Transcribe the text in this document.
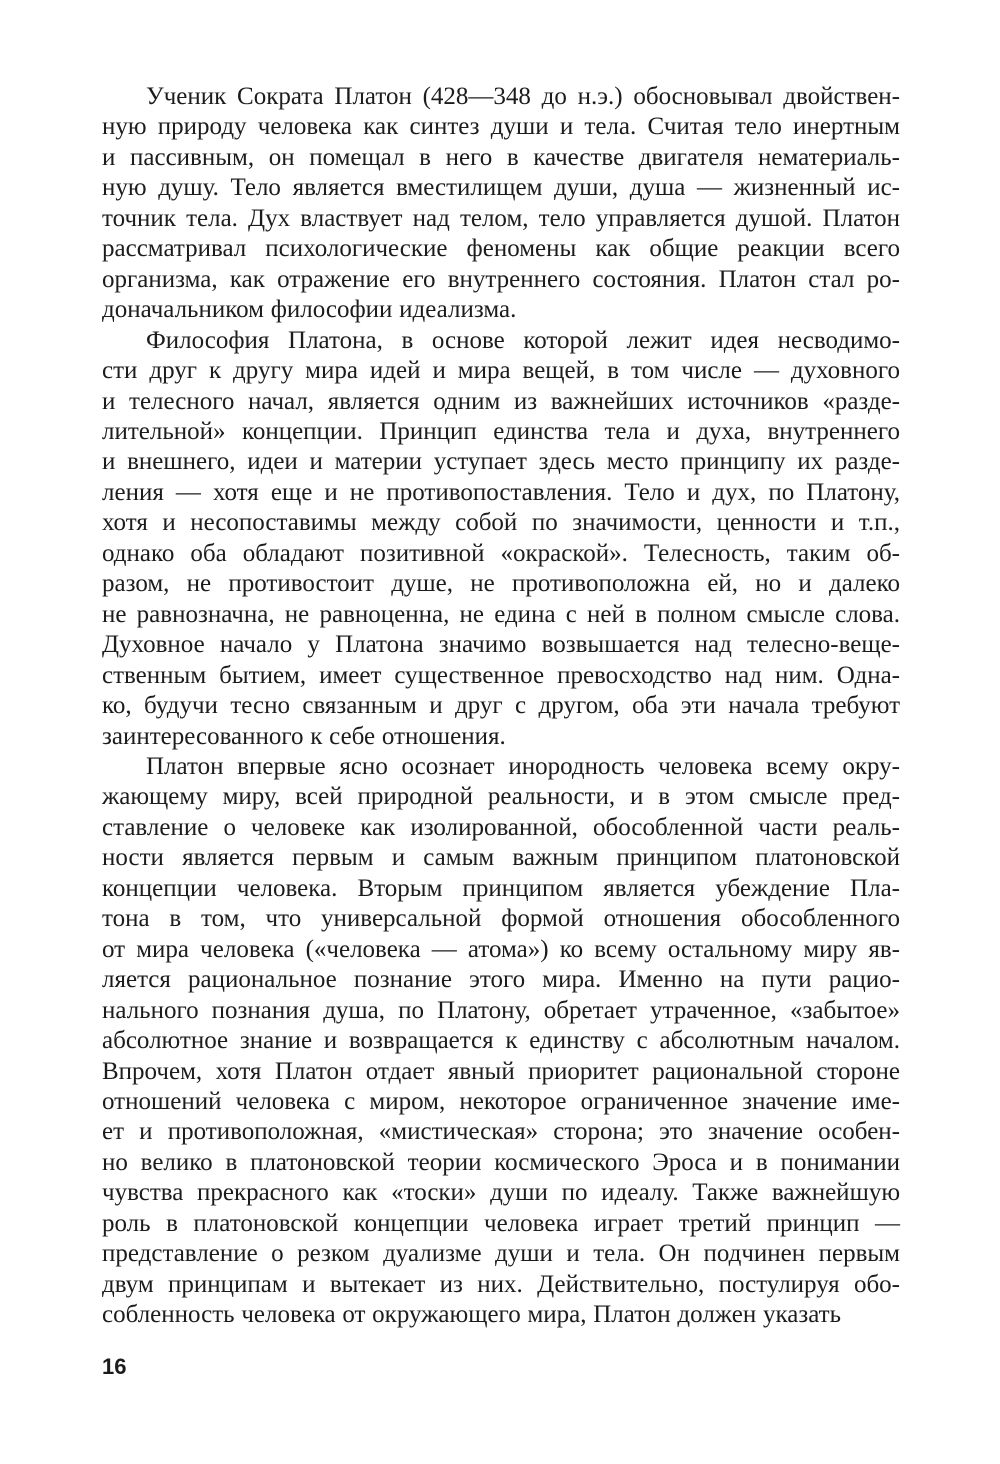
Ученик Сократа Платон (428—348 до н.э.) обосновывал двойствен-
ную природу человека как синтез души и тела. Считая тело инертным
и пассивным, он помещал в него в качестве двигателя нематериаль-
ную душу. Тело является вместилищем души, душа — жизненный ис-
точник тела. Дух властвует над телом, тело управляется душой. Платон
рассматривал психологические феномены как общие реакции всего
организма, как отражение его внутреннего состояния. Платон стал ро-
доначальником философии идеализма.

Философия Платона, в основе которой лежит идея несводимо-
сти друг к другу мира идей и мира вещей, в том числе — духовного
и телесного начал, является одним из важнейших источников «разде-
лительной» концепции. Принцип единства тела и духа, внутреннего
и внешнего, идеи и материи уступает здесь место принципу их разде-
ления — хотя еще и не противопоставления. Тело и дух, по Платону,
хотя и несопоставимы между собой по значимости, ценности и т.п.,
однако оба обладают позитивной «окраской». Телесность, таким об-
разом, не противостоит душе, не противоположна ей, но и далеко
не равнозначна, не равноценна, не едина с ней в полном смысле слова.
Духовное начало у Платона значимо возвышается над телесно-веще-
ственным бытием, имеет существенное превосходство над ним. Одна-
ко, будучи тесно связанным и друг с другом, оба эти начала требуют
заинтересованного к себе отношения.

Платон впервые ясно осознает инородность человека всему окру-
жающему миру, всей природной реальности, и в этом смысле пред-
ставление о человеке как изолированной, обособленной части реаль-
ности является первым и самым важным принципом платоновской
концепции человека. Вторым принципом является убеждение Пла-
тона в том, что универсальной формой отношения обособленного
от мира человека («человека — атома») ко всему остальному миру яв-
ляется рациональное познание этого мира. Именно на пути рацио-
нального познания душа, по Платону, обретает утраченное, «забытое»
абсолютное знание и возвращается к единству с абсолютным началом.
Впрочем, хотя Платон отдает явный приоритет рациональной стороне
отношений человека с миром, некоторое ограниченное значение име-
ет и противоположная, «мистическая» сторона; это значение особен-
но велико в платоновской теории космического Эроса и в понимании
чувства прекрасного как «тоски» души по идеалу. Также важнейшую
роль в платоновской концепции человека играет третий принцип —
представление о резком дуализме души и тела. Он подчинен первым
двум принципам и вытекает из них. Действительно, постулируя обо-
собленность человека от окружающего мира, Платон должен указать

16
